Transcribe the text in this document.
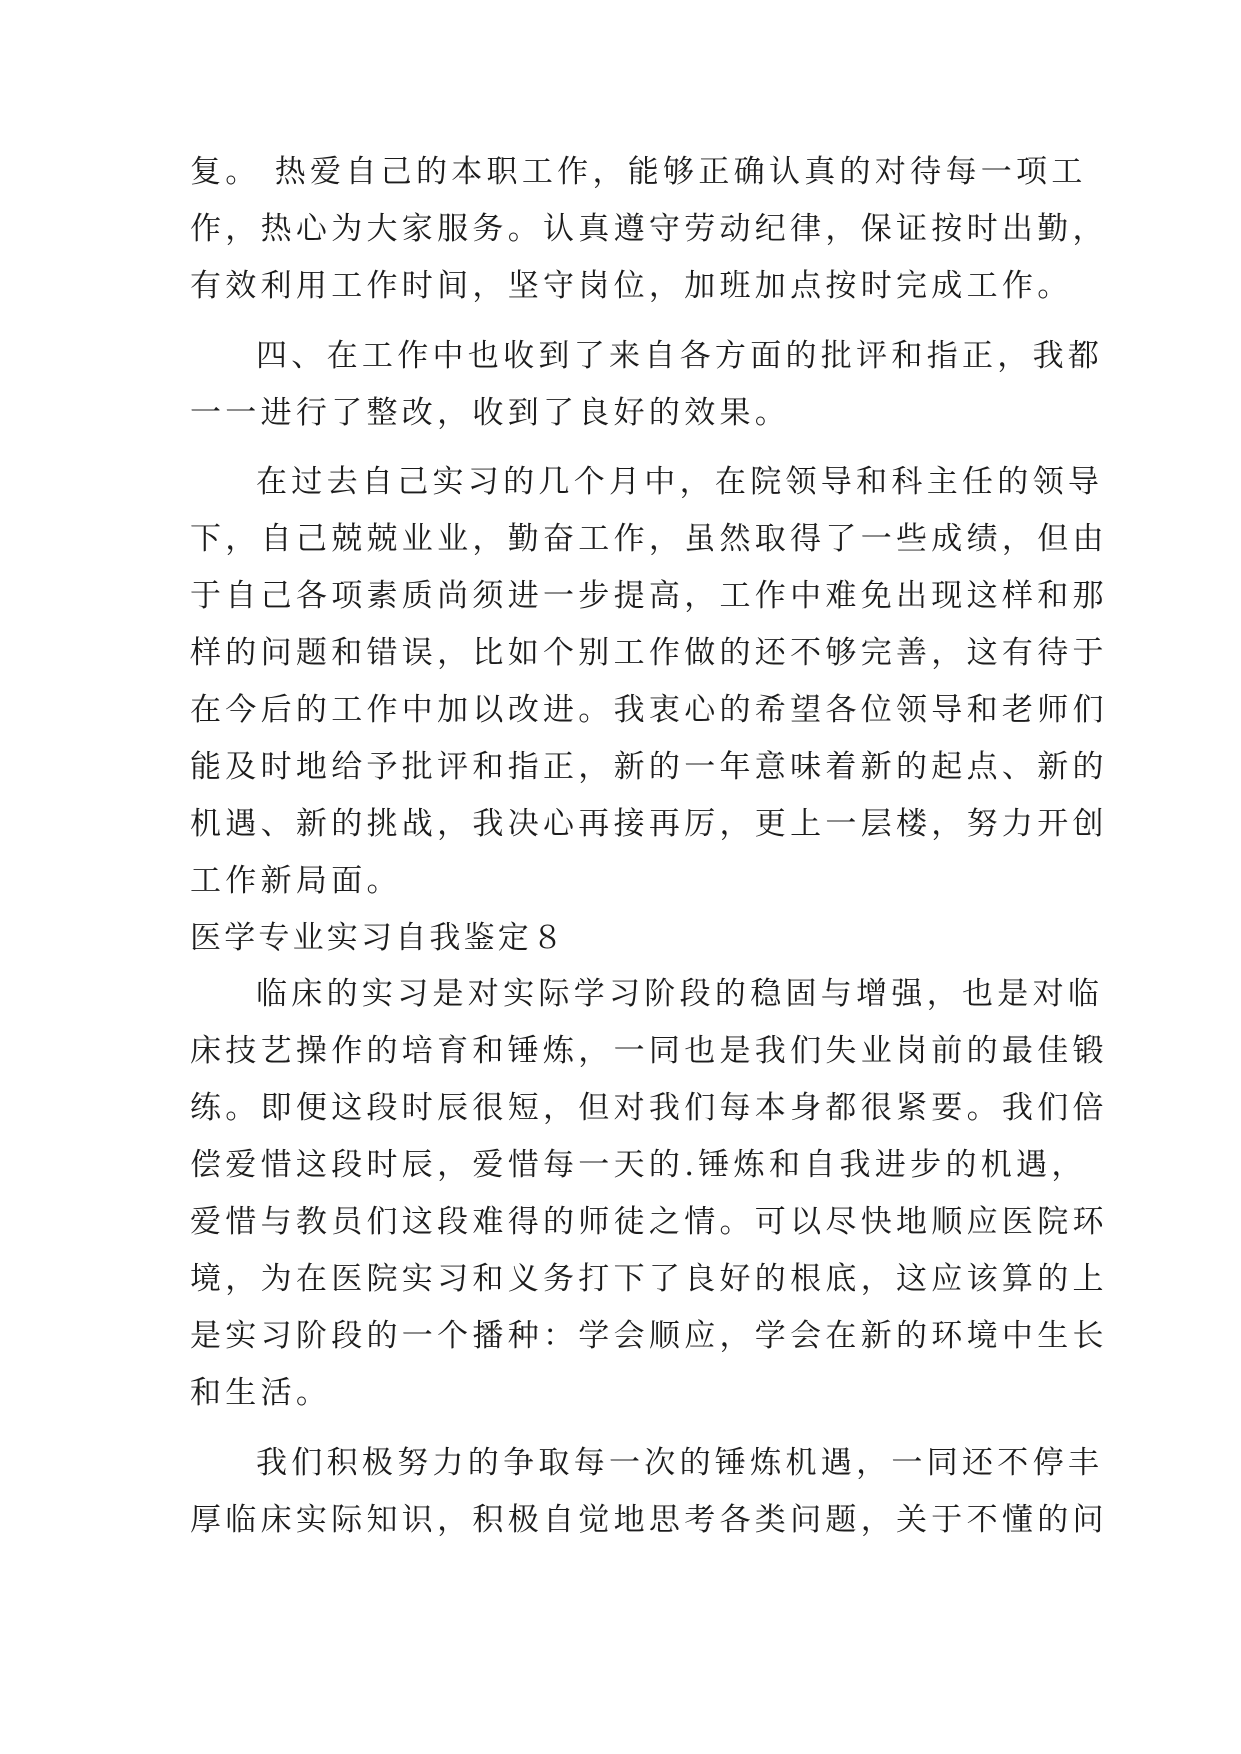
复。 热爱自己的本职工作，能够正确认真的对待每一项工

作，热心为大家服务。认真遵守劳动纪律，保证按时出勤，

有效利用工作时间，坚守岗位，加班加点按时完成工作。

四、在工作中也收到了来自各方面的批评和指正，我都

一一进行了整改，收到了良好的效果。

在过去自己实习的几个月中，在院领导和科主任的领导

下，自己兢兢业业，勤奋工作，虽然取得了一些成绩，但由

于自己各项素质尚须进一步提高，工作中难免出现这样和那

样的问题和错误，比如个别工作做的还不够完善，这有待于

在今后的工作中加以改进。我衷心的希望各位领导和老师们

能及时地给予批评和指正，新的一年意味着新的起点、新的

机遇、新的挑战，我决心再接再厉，更上一层楼，努力开创

工作新局面。

医学专业实习自我鉴定８

临床的实习是对实际学习阶段的稳固与增强，也是对临

床技艺操作的培育和锤炼，一同也是我们失业岗前的最佳锻

练。即便这段时辰很短，但对我们每本身都很紧要。我们倍

偿爱惜这段时辰，爱惜每一天的.锤炼和自我进步的机遇，

爱惜与教员们这段难得的师徒之情。可以尽快地顺应医院环

境，为在医院实习和义务打下了良好的根底，这应该算的上

是实习阶段的一个播种：学会顺应，学会在新的环境中生长

和生活。

我们积极努力的争取每一次的锤炼机遇，一同还不停丰

厚临床实际知识，积极自觉地思考各类问题，关于不懂的问
